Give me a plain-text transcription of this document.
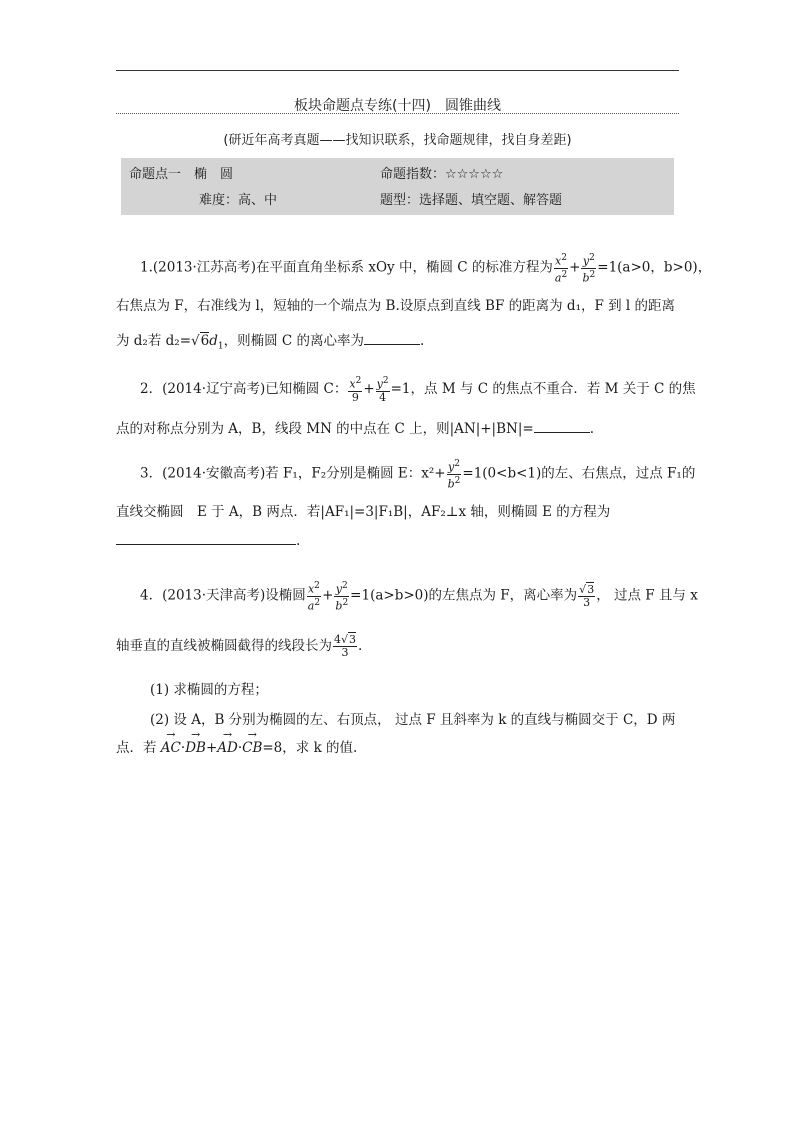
板块命题点专练(十四)　圆锥曲线
(研近年高考真题——找知识联系，找命题规律，找自身差距)
命题点一　椭　圆	命题指数：☆☆☆☆☆
难度：高、中	题型：选择题、填空题、解答题
1.(2013·江苏高考)在平面直角坐标系 xOy 中，椭圆 C 的标准方程为 $\frac{x^2}{a^2} + \frac{y^2}{b^2} =1(a>0$，b>0)，
右焦点为 F，右准线为 l，短轴的一个端点为 B.设原点到直线 BF 的距离为 d₁，F 到 l 的距离
为 d₂若 $d_2=√6d_1$，则椭圆 C 的离心率为	.
2．(2014·辽宁高考)已知椭圆 C： $\frac{x^2}{9} + \frac{y^2}{4} =1$，点 M 与 C 的焦点不重合．若 M 关于 C 的焦
点的对称点分别为 A，B，线段 MN 的中点在 C 上，则|AN|+|BN|=	.
3．(2014·安徽高考)若 F₁，F₂分别是椭圆 E：$x^2+ \frac{y^2}{b^2} =1(0<b<1)$的左、右焦点，过点 F₁的
直线交椭圆　E 于 A，B 两点．若|AF₁|=3|F₁B|，AF₂⊥x 轴，则椭圆 E 的方程为
.
4．(2013·天津高考)设椭圆 $\frac{x^2}{a^2} + \frac{y^2}{b^2} =1(a>b>0)$的左焦点为 F，离心率为 $\frac{√3}{3}$ ， 过点 F 且与 x
轴垂直的直线被椭圆截得的线段长为 $\frac{4√3}{3}$ .
(1) 求椭圆的方程；
(2) 设 A，B 分别为椭圆的左、右顶点， 过点 F 且斜率为 k 的直线与椭圆交于 C，D 两
点．若 → AC·→ DB+→ AD·→ CB=8，求 k 的值.
